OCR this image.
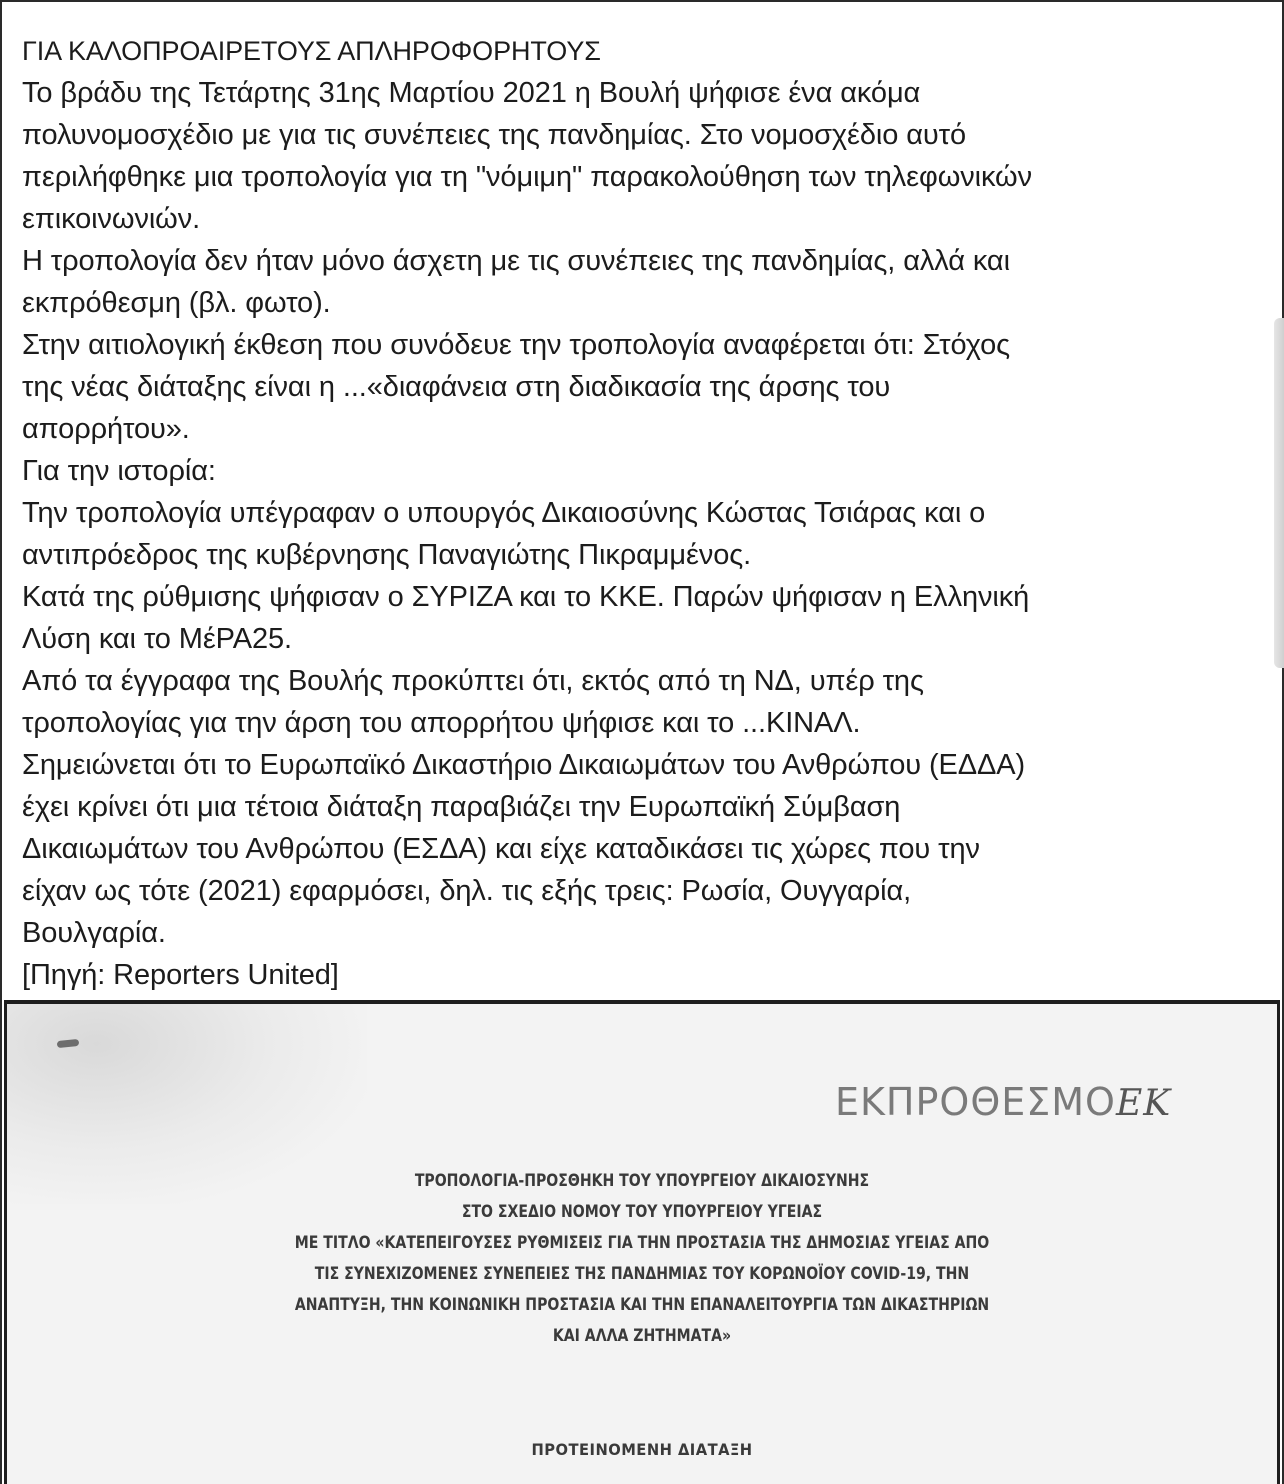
ΓΙΑ ΚΑΛΟΠΡΟΑΙΡΕΤΟΥΣ ΑΠΛΗΡΟΦΟΡΗΤΟΥΣ
Το βράδυ της Τετάρτης 31ης Μαρτίου 2021 η Βουλή ψήφισε ένα ακόμα
πολυνομοσχέδιο με για τις συνέπειες της πανδημίας. Στο νομοσχέδιο αυτό
περιλήφθηκε μια τροπολογία για τη "νόμιμη" παρακολούθηση των τηλεφωνικών
επικοινωνιών.
Η τροπολογία δεν ήταν μόνο άσχετη με τις συνέπειες της πανδημίας, αλλά και
εκπρόθεσμη (βλ. φωτο).
Στην αιτιολογική έκθεση που συνόδευε την τροπολογία αναφέρεται ότι: Στόχος
της νέας διάταξης είναι η ...«διαφάνεια στη διαδικασία της άρσης του
απορρήτου».
Για την ιστορία:
Την τροπολογία υπέγραφαν ο υπουργός Δικαιοσύνης Κώστας Τσιάρας και ο
αντιπρόεδρος της κυβέρνησης Παναγιώτης Πικραμμένος.
Κατά της ρύθμισης ψήφισαν ο ΣΥΡΙΖΑ και το ΚΚΕ. Παρών ψήφισαν η Ελληνική
Λύση και το ΜέΡΑ25.
Από τα έγγραφα της Βουλής προκύπτει ότι, εκτός από τη ΝΔ, υπέρ της
τροπολογίας για την άρση του απορρήτου ψήφισε και το ...ΚΙΝΑΛ.
Σημειώνεται ότι το Ευρωπαϊκό Δικαστήριο Δικαιωμάτων του Ανθρώπου (ΕΔΔΑ)
έχει κρίνει ότι μια τέτοια διάταξη παραβιάζει την Ευρωπαϊκή Σύμβαση
Δικαιωμάτων του Ανθρώπου (ΕΣΔΑ) και είχε καταδικάσει τις χώρες που την
είχαν ως τότε (2021) εφαρμόσει, δηλ. τις εξής τρεις: Ρωσία, Ουγγαρία,
Βουλγαρία.
[Πηγή: Reporters United]
ΕΚΠΡΟΘΕΣΜΟΕΚ
ΤΡΟΠΟΛΟΓΙΑ-ΠΡΟΣΘΗΚΗ ΤΟΥ ΥΠΟΥΡΓΕΙΟΥ ΔΙΚΑΙΟΣΥΝΗΣ
ΣΤΟ ΣΧΕΔΙΟ ΝΟΜΟΥ ΤΟΥ ΥΠΟΥΡΓΕΙΟΥ ΥΓΕΙΑΣ
ΜΕ ΤΙΤΛΟ «ΚΑΤΕΠΕΙΓΟΥΣΕΣ ΡΥΘΜΙΣΕΙΣ ΓΙΑ ΤΗΝ ΠΡΟΣΤΑΣΙΑ ΤΗΣ ΔΗΜΟΣΙΑΣ ΥΓΕΙΑΣ ΑΠΟ
ΤΙΣ ΣΥΝΕΧΙΖΟΜΕΝΕΣ ΣΥΝΕΠΕΙΕΣ ΤΗΣ ΠΑΝΔΗΜΙΑΣ ΤΟΥ ΚΟΡΩΝΟΪΟΥ COVID-19, ΤΗΝ
ΑΝΑΠΤΥΞΗ, ΤΗΝ ΚΟΙΝΩΝΙΚΗ ΠΡΟΣΤΑΣΙΑ ΚΑΙ ΤΗΝ ΕΠΑΝΑΛΕΙΤΟΥΡΓΙΑ ΤΩΝ ΔΙΚΑΣΤΗΡΙΩΝ
ΚΑΙ ΑΛΛΑ ΖΗΤΗΜΑΤΑ»
ΠΡΟΤΕΙΝΟΜΕΝΗ ΔΙΑΤΑΞΗ
